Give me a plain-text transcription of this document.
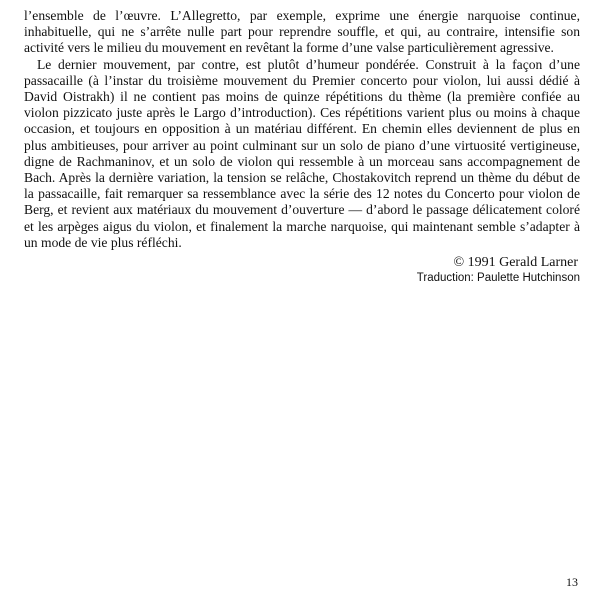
l’ensemble de l’œuvre. L’Allegretto, par exemple, exprime une énergie narquoise continue, inhabituelle, qui ne s’arrête nulle part pour reprendre souffle, et qui, au contraire, intensifie son activité vers le milieu du mouvement en revêtant la forme d’une valse particulièrement agressive.

Le dernier mouvement, par contre, est plutôt d’humeur pondérée. Construit à la façon d’une passacaille (à l’instar du troisième mouvement du Premier concerto pour violon, lui aussi dédié à David Oistrakh) il ne contient pas moins de quinze répétitions du thème (la première confiée au violon pizzicato juste après le Largo d’introduction). Ces répétitions varient plus ou moins à chaque occasion, et toujours en opposition à un matériau différent. En chemin elles deviennent de plus en plus ambitieuses, pour arriver au point culminant sur un solo de piano d’une virtuosité vertigineuse, digne de Rachmaninov, et un solo de violon qui ressemble à un morceau sans accompagnement de Bach. Après la dernière variation, la tension se relâche, Chostakovitch reprend un thème du début de la passacaille, fait remarquer sa ressemblance avec la série des 12 notes du Concerto pour violon de Berg, et revient aux matériaux du mouvement d’ouverture — d’abord le passage délicatement coloré et les arpèges aigus du violon, et finalement la marche narquoise, qui maintenant semble s’adapter à un mode de vie plus réfléchi.

© 1991 Gerald Larner
Traduction: Paulette Hutchinson
13
